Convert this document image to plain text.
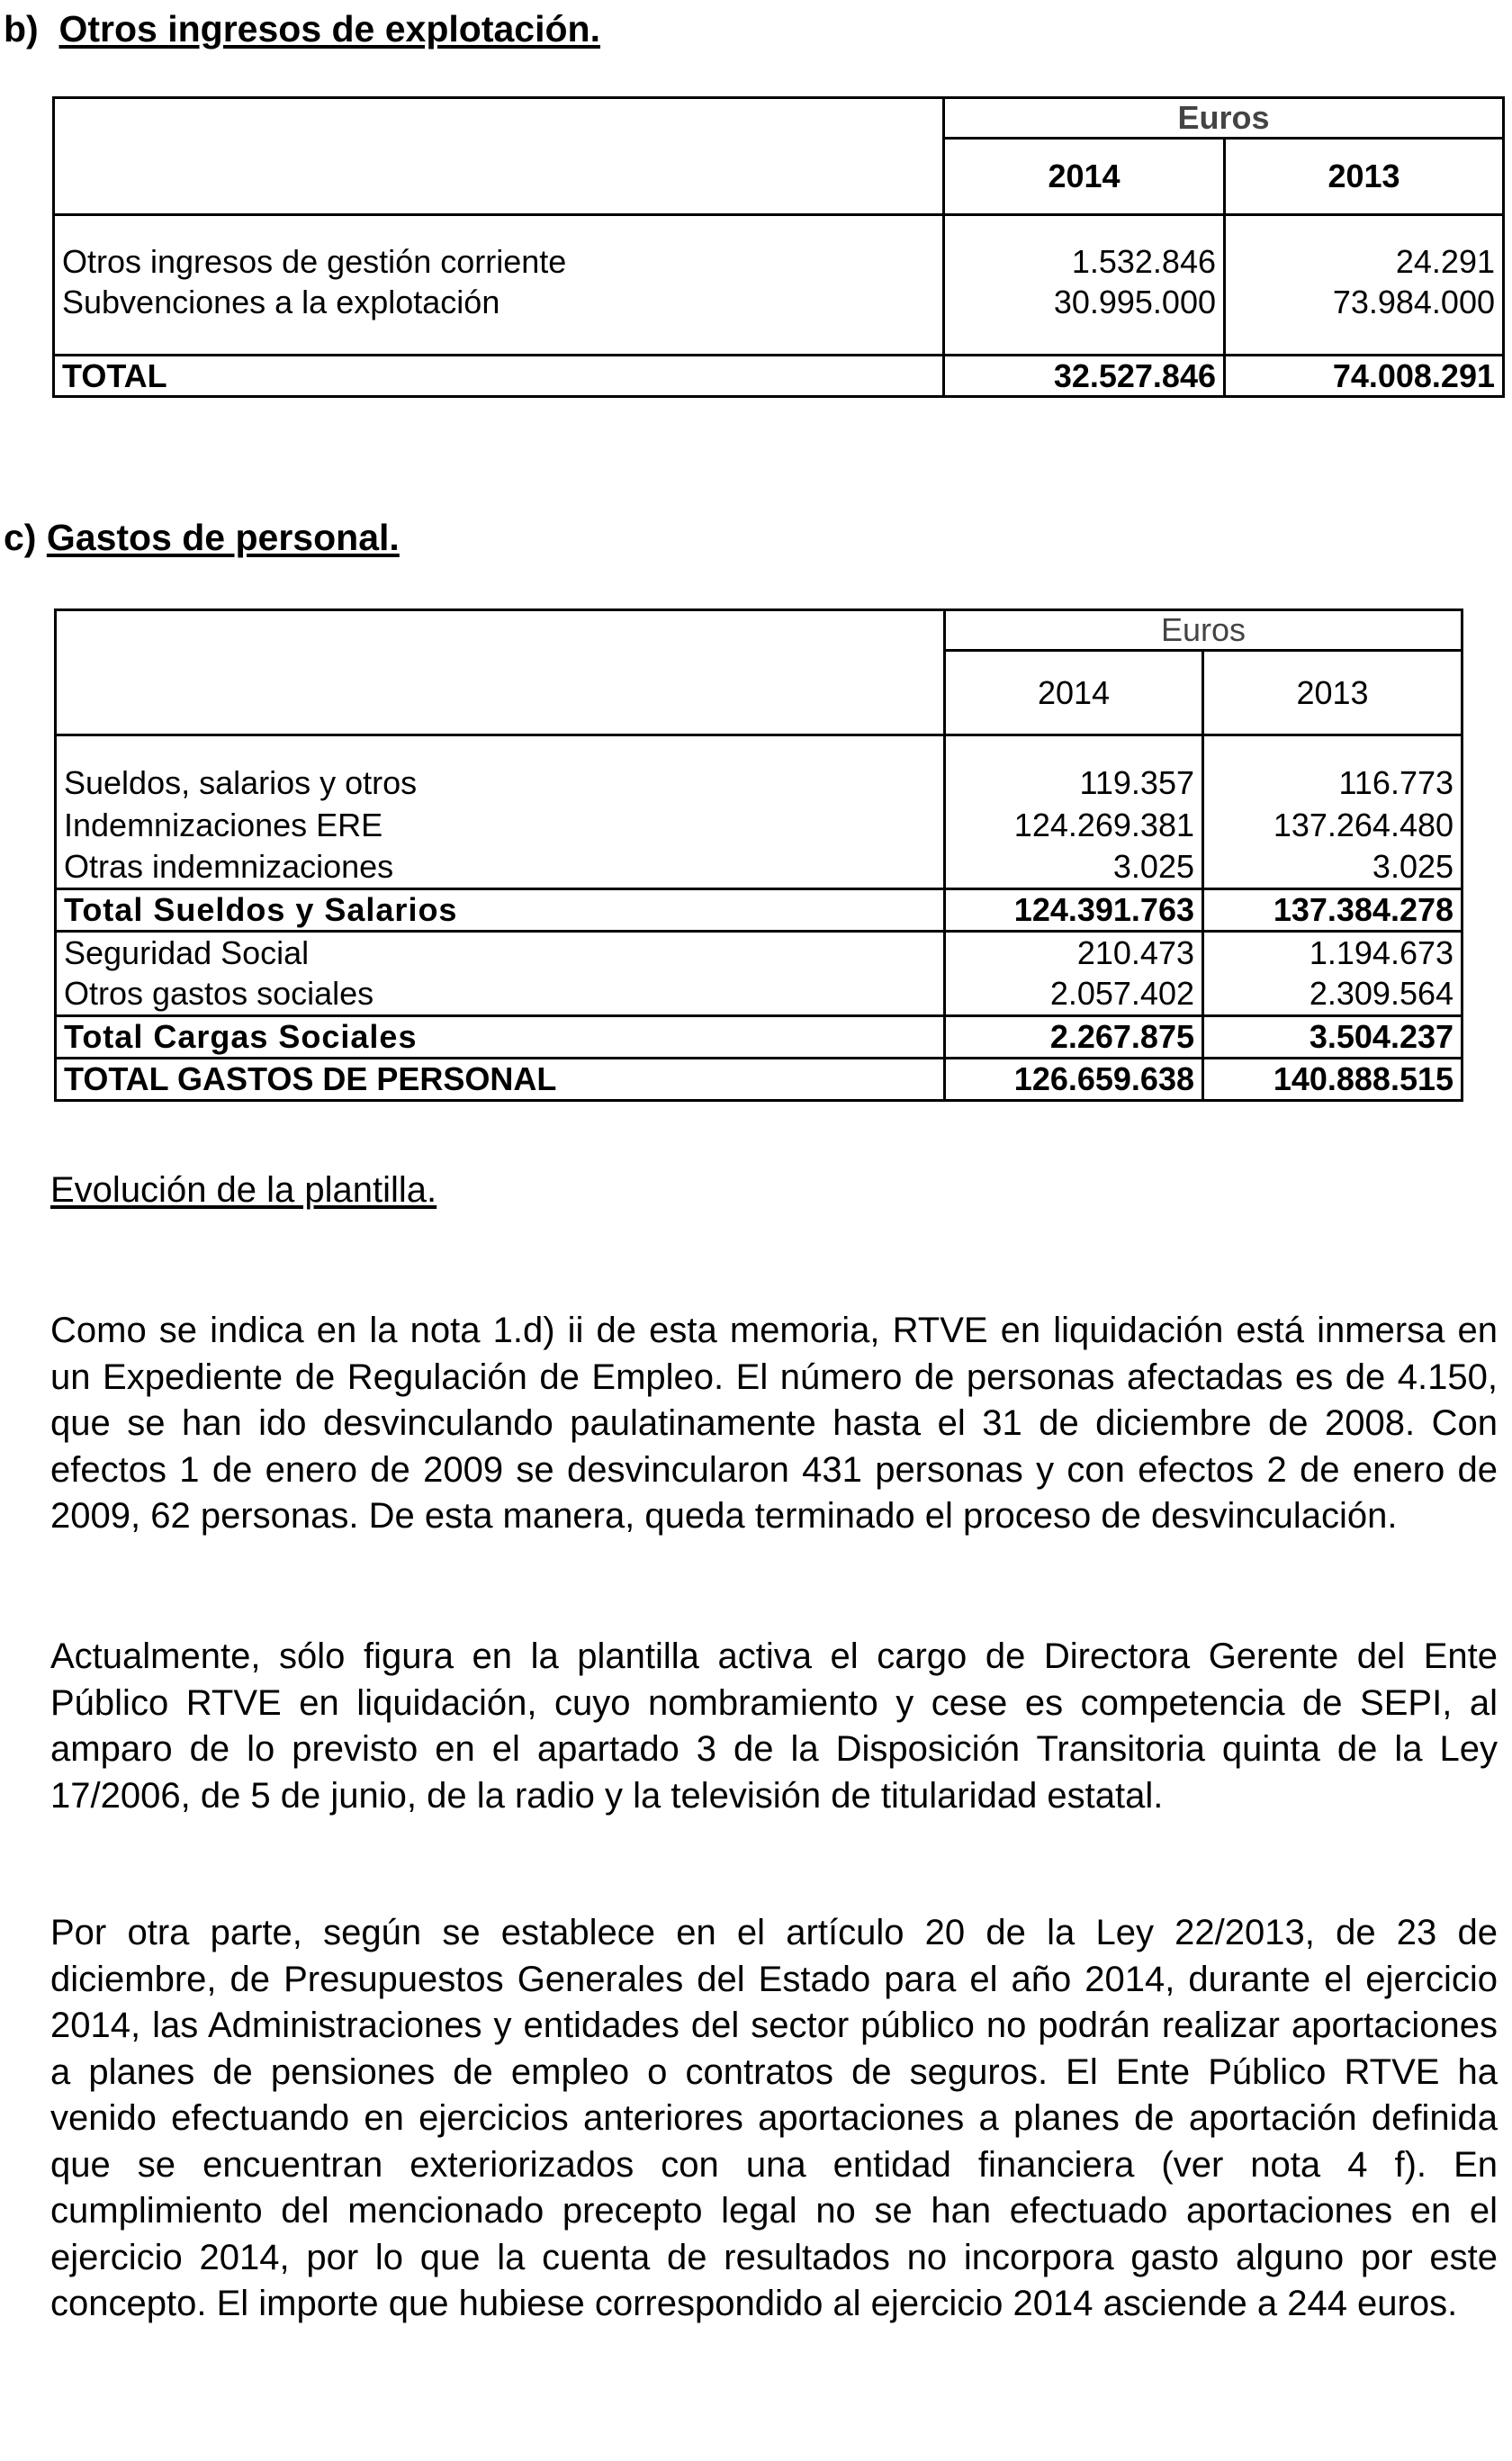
b) Otros ingresos de explotación.
	Euros	
	2014	2013

Otros ingresos de gestión corriente	1.532.846	24.291
Subvenciones a la explotación	30.995.000	73.984.000

TOTAL	32.527.846	74.008.291
c) Gastos de personal.
	Euros	
	2014	2013

Sueldos, salarios y otros	119.357	116.773
Indemnizaciones ERE	124.269.381	137.264.480
Otras indemnizaciones	3.025	3.025
Total Sueldos y Salarios	124.391.763	137.384.278
Seguridad Social	210.473	1.194.673
Otros gastos sociales	2.057.402	2.309.564
Total Cargas Sociales	2.267.875	3.504.237
TOTAL GASTOS DE PERSONAL	126.659.638	140.888.515
Evolución de la plantilla.
Como se indica en la nota 1.d) ii de esta memoria, RTVE en liquidación está inmersa en un Expediente de Regulación de Empleo. El número de personas afectadas es de 4.150, que se han ido desvinculando paulatinamente hasta el 31 de diciembre de 2008. Con efectos 1 de enero de 2009 se desvincularon 431 personas y con efectos 2 de enero de 2009, 62 personas. De esta manera, queda terminado el proceso de desvinculación.
Actualmente, sólo figura en la plantilla activa el cargo de Directora Gerente del Ente Público RTVE en liquidación, cuyo nombramiento y cese es competencia de SEPI, al amparo de lo previsto en el apartado 3 de la Disposición Transitoria quinta de la Ley 17/2006, de 5 de junio, de la radio y la televisión de titularidad estatal.
Por otra parte, según se establece en el artículo 20 de la Ley 22/2013, de 23 de diciembre, de Presupuestos Generales del Estado para el año 2014, durante el ejercicio 2014, las Administraciones y entidades del sector público no podrán realizar aportaciones a planes de pensiones de empleo o contratos de seguros. El Ente Público RTVE ha venido efectuando en ejercicios anteriores aportaciones a planes de aportación definida que se encuentran exteriorizados con una entidad financiera (ver nota 4 f). En cumplimiento del mencionado precepto legal no se han efectuado aportaciones en el ejercicio 2014, por lo que la cuenta de resultados no incorpora gasto alguno por este concepto. El importe que hubiese correspondido al ejercicio 2014 asciende a 244 euros.
